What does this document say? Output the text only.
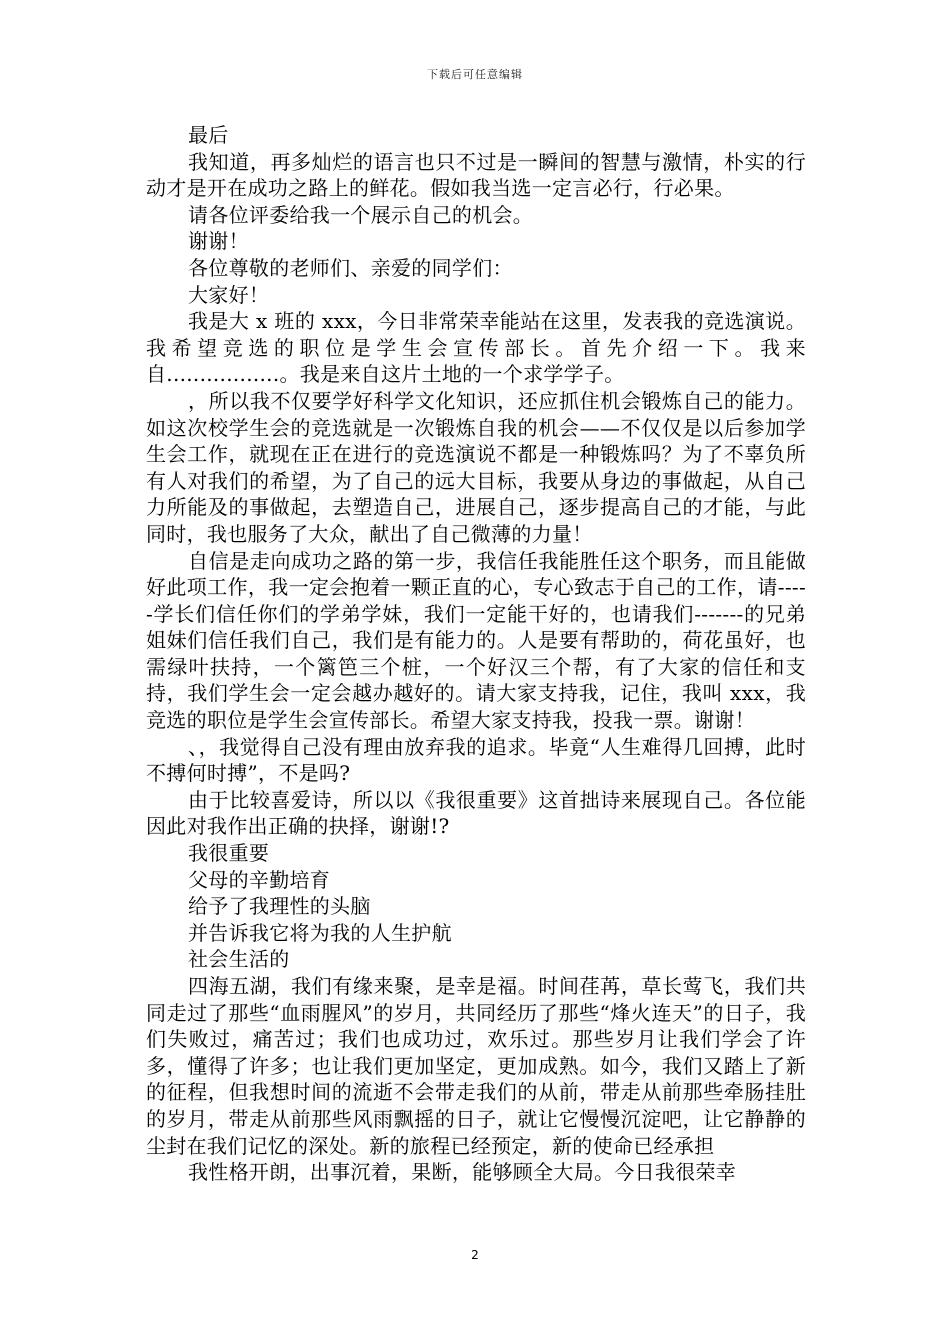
下载后可任意编辑

最后

我知道，再多灿烂的语言也只不过是一瞬间的智慧与激情，朴实的行动才是开在成功之路上的鲜花。假如我当选一定言必行，行必果。

请各位评委给我一个展示自己的机会。

谢谢！

各位尊敬的老师们、亲爱的同学们：

大家好！

我是大 x 班的 xxx，今日非常荣幸能站在这里，发表我的竞选演说。我希望竞选的职位是学生会宣传部长。首先介绍一下。我来自.................。我是来自这片土地的一个求学学子。

，所以我不仅要学好科学文化知识，还应抓住机会锻炼自己的能力。如这次校学生会的竞选就是一次锻炼自我的机会——不仅仅是以后参加学生会工作，就现在正在进行的竞选演说不都是一种锻炼吗？为了不辜负所有人对我们的希望，为了自己的远大目标，我要从身边的事做起，从自己力所能及的事做起，去塑造自己，进展自己，逐步提高自己的才能，与此同时，我也服务了大众，献出了自己微薄的力量！

自信是走向成功之路的第一步，我信任我能胜任这个职务，而且能做好此项工作，我一定会抱着一颗正直的心，专心致志于自己的工作，请-----学长们信任你们的学弟学妹，我们一定能干好的，也请我们-------的兄弟姐妹们信任我们自己，我们是有能力的。人是要有帮助的，荷花虽好，也需绿叶扶持，一个篱笆三个桩，一个好汉三个帮，有了大家的信任和支持，我们学生会一定会越办越好的。请大家支持我，记住，我叫 xxx，我竞选的职位是学生会宣传部长。希望大家支持我，投我一票。谢谢！

、，我觉得自己没有理由放弃我的追求。毕竟“人生难得几回搏，此时不搏何时搏”，不是吗?

由于比较喜爱诗，所以以《我很重要》这首拙诗来展现自己。各位能因此对我作出正确的抉择，谢谢!?

我很重要

父母的辛勤培育

给予了我理性的头脑

并告诉我它将为我的人生护航

社会生活的

四海五湖，我们有缘来聚，是幸是福。时间荏苒，草长莺飞，我们共同走过了那些“血雨腥风”的岁月，共同经历了那些“烽火连天”的日子，我们失败过，痛苦过；我们也成功过，欢乐过。那些岁月让我们学会了许多，懂得了许多；也让我们更加坚定，更加成熟。如今，我们又踏上了新的征程，但我想时间的流逝不会带走我们的从前，带走从前那些牵肠挂肚的岁月，带走从前那些风雨飘摇的日子，就让它慢慢沉淀吧，让它静静的尘封在我们记忆的深处。新的旅程已经预定，新的使命已经承担

我性格开朗，出事沉着，果断，能够顾全大局。今日我很荣幸

2
